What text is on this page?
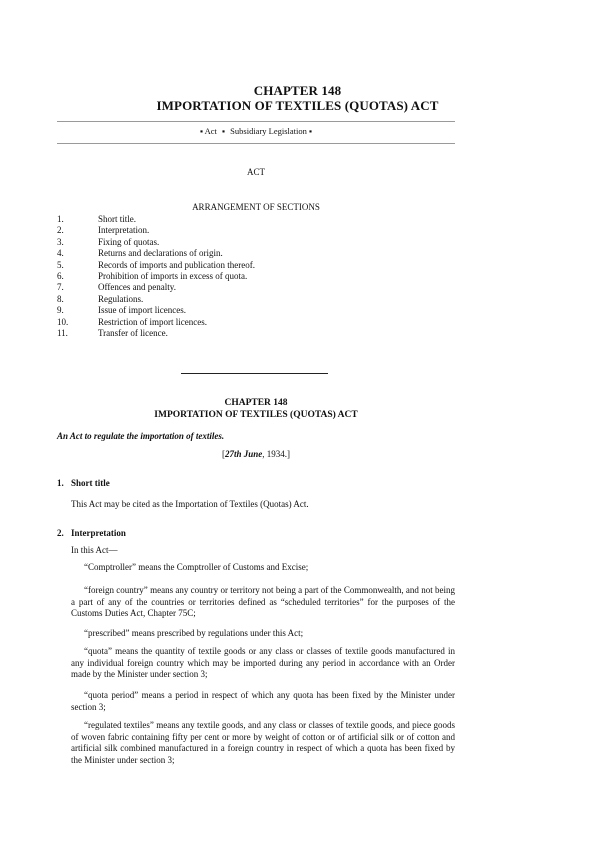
CHAPTER 148
IMPORTATION OF TEXTILES (QUOTAS) ACT
▪ Act ▪ Subsidiary Legislation ▪
ACT
ARRANGEMENT OF SECTIONS
1.	Short title.
2.	Interpretation.
3.	Fixing of quotas.
4.	Returns and declarations of origin.
5.	Records of imports and publication thereof.
6.	Prohibition of imports in excess of quota.
7.	Offences and penalty.
8.	Regulations.
9.	Issue of import licences.
10.	Restriction of import licences.
11.	Transfer of licence.
CHAPTER 148
IMPORTATION OF TEXTILES (QUOTAS) ACT
An Act to regulate the importation of textiles.
[27th June, 1934.]
1. Short title
This Act may be cited as the Importation of Textiles (Quotas) Act.
2. Interpretation
In this Act—
“Comptroller” means the Comptroller of Customs and Excise;
“foreign country” means any country or territory not being a part of the Commonwealth, and not being a part of any of the countries or territories defined as “scheduled territories” for the purposes of the Customs Duties Act, Chapter 75C;
“prescribed” means prescribed by regulations under this Act;
“quota” means the quantity of textile goods or any class or classes of textile goods manufactured in any individual foreign country which may be imported during any period in accordance with an Order made by the Minister under section 3;
“quota period” means a period in respect of which any quota has been fixed by the Minister under section 3;
“regulated textiles” means any textile goods, and any class or classes of textile goods, and piece goods of woven fabric containing fifty per cent or more by weight of cotton or of artificial silk or of cotton and artificial silk combined manufactured in a foreign country in respect of which a quota has been fixed by the Minister under section 3;
